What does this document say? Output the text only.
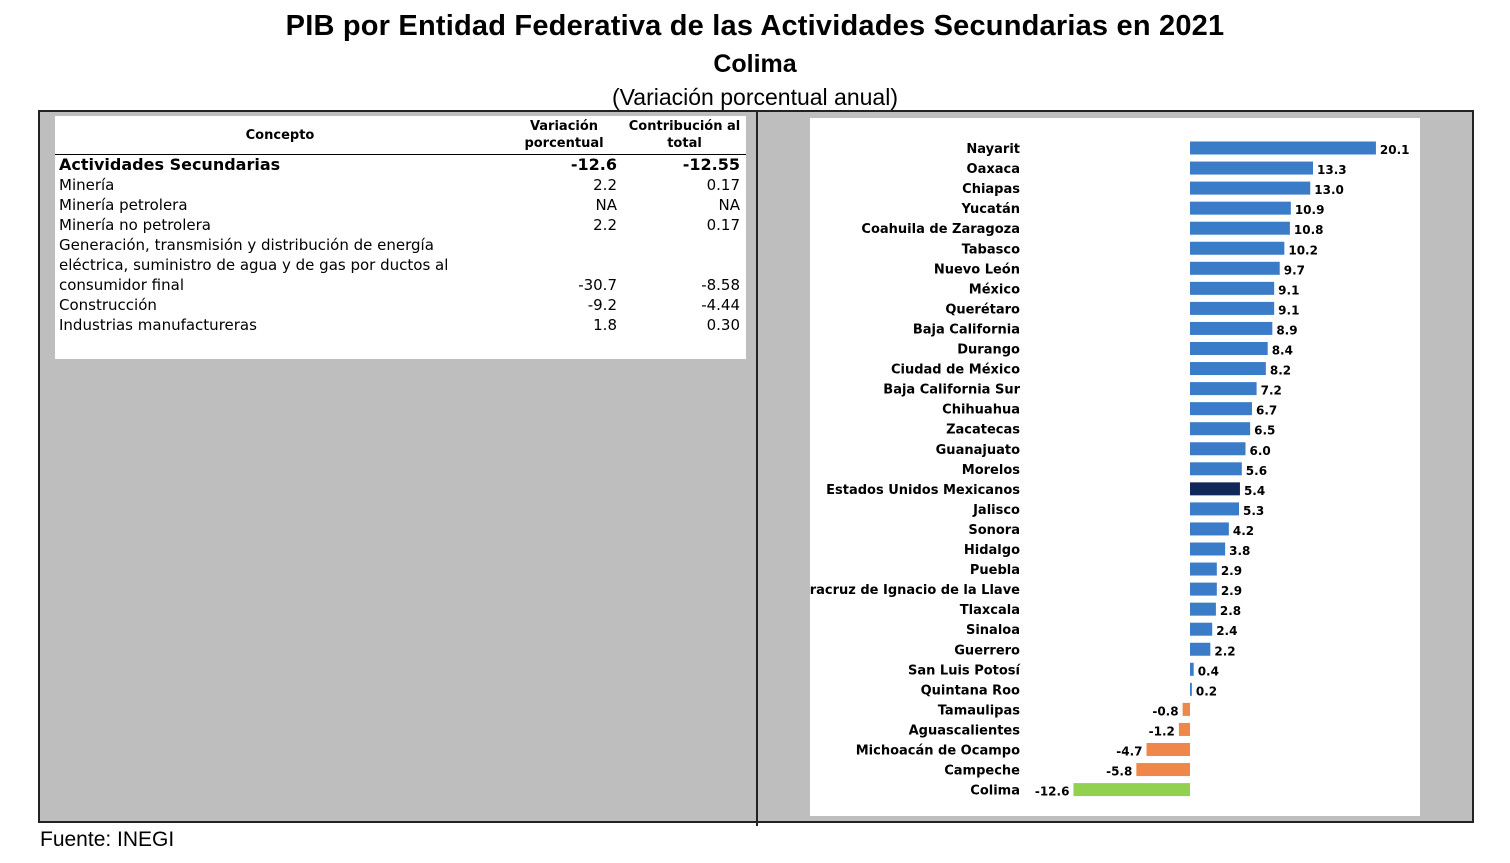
PIB por Entidad Federativa de las Actividades Secundarias en 2021
Colima
(Variación porcentual anual)
Concepto	Variación porcentual	Contribución al total
Actividades Secundarias	-12.6	-12.55
Minería	2.2	0.17
Minería petrolera	NA	NA
Minería no petrolera	2.2	0.17
Generación, transmisión y distribución de energía eléctrica, suministro de agua y de gas por ductos al consumidor final	-30.7	-8.58
Construcción	-9.2	-4.44
Industrias manufactureras	1.8	0.30
Nayarit	20.1
Oaxaca	13.3
Chiapas	13.0
Yucatán	10.9
Coahuila de Zaragoza	10.8
Tabasco	10.2
Nuevo León	9.7
México	9.1
Querétaro	9.1
Baja California	8.9
Durango	8.4
Ciudad de México	8.2
Baja California Sur	7.2
Chihuahua	6.7
Zacatecas	6.5
Guanajuato	6.0
Morelos	5.6
Estados Unidos Mexicanos	5.4
Jalisco	5.3
Sonora	4.2
Hidalgo	3.8
Puebla	2.9
Veracruz de Ignacio de la Llave	2.9
Tlaxcala	2.8
Sinaloa	2.4
Guerrero	2.2
San Luis Potosí	0.4
Quintana Roo	0.2
Tamaulipas	-0.8
Aguascalientes	-1.2
Michoacán de Ocampo	-4.7
Campeche	-5.8
Colima -12.6
Fuente: INEGI
